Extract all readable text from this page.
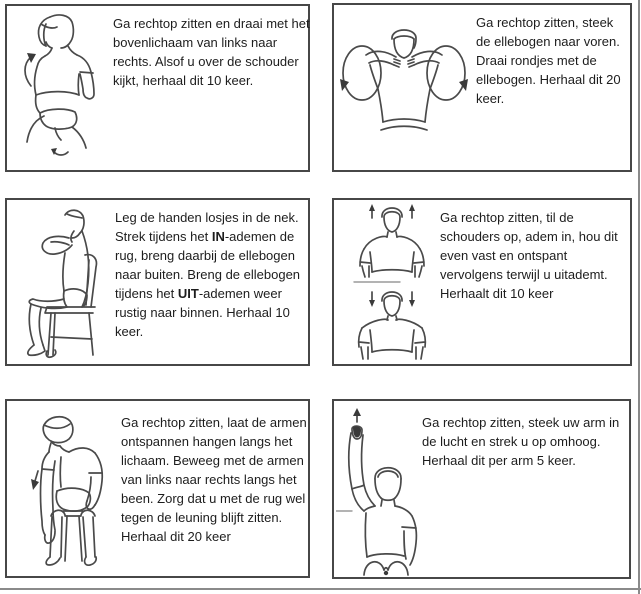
Ga rechtop zitten en draai met het bovenlichaam van links naar rechts. Alsof u over de schouder kijkt, herhaal dit 10 keer.
Ga rechtop zitten, steek de ellebogen naar voren. Draai rondjes met de ellebogen. Herhaal dit 20 keer.
Leg de handen losjes in de nek. Strek tijdens het IN-ademen de rug, breng daarbij de ellebogen naar buiten. Breng de ellebogen tijdens het UIT-ademen weer rustig naar binnen. Herhaal 10 keer.
Ga rechtop zitten, til de schouders op, adem in, hou dit even vast en ontspant vervolgens terwijl u uitademt. Herhaalt dit 10 keer
Ga rechtop zitten, laat de armen ontspannen hangen langs het lichaam. Beweeg met de armen van links naar rechts langs het been. Zorg dat u met de rug wel tegen de leuning blijft zitten. Herhaal dit 20 keer
Ga rechtop zitten, steek uw arm in de lucht en strek u op omhoog. Herhaal dit per arm 5 keer.
